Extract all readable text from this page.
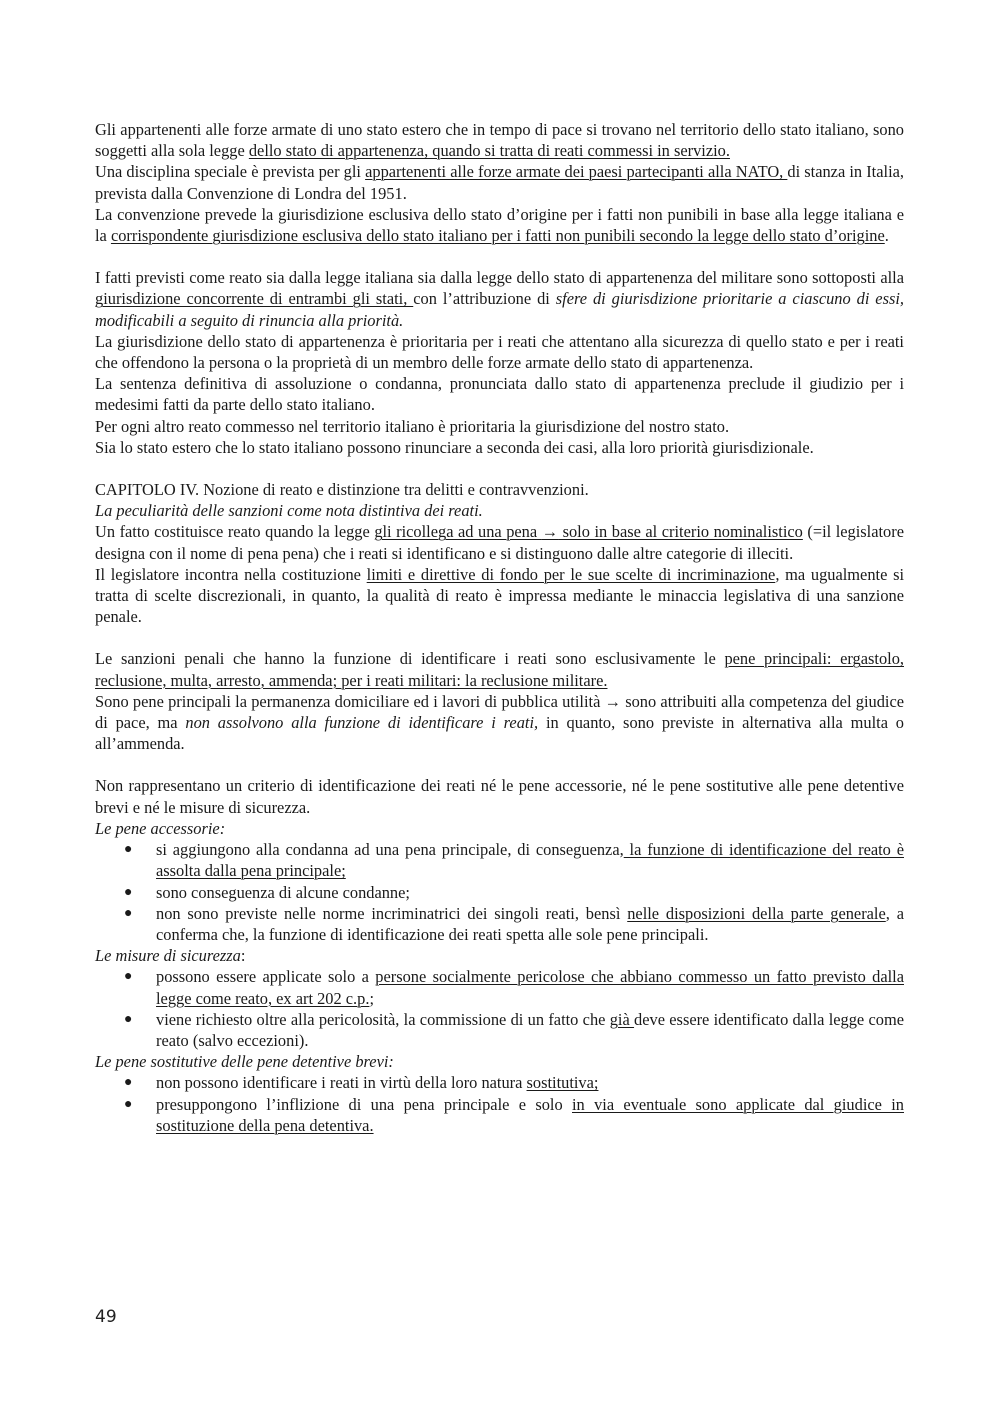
Gli appartenenti alle forze armate di uno stato estero che in tempo di pace si trovano nel territorio dello stato italiano, sono soggetti alla sola legge dello stato di appartenenza, quando si tratta di reati commessi in servizio.

Una disciplina speciale è prevista per gli appartenenti alle forze armate dei paesi partecipanti alla NATO, di stanza in Italia, prevista dalla Convenzione di Londra del 1951.

La convenzione prevede la giurisdizione esclusiva dello stato d’origine per i fatti non punibili in base alla legge italiana e la corrispondente giurisdizione esclusiva dello stato italiano per i fatti non punibili secondo la legge dello stato d’origine.

I fatti previsti come reato sia dalla legge italiana sia dalla legge dello stato di appartenenza del militare sono sottoposti alla giurisdizione concorrente di entrambi gli stati, con l’attribuzione di sfere di giurisdizione prioritarie a ciascuno di essi, modificabili a seguito di rinuncia alla priorità.

La giurisdizione dello stato di appartenenza è prioritaria per i reati che attentano alla sicurezza di quello stato e per i reati che offendono la persona o la proprietà di un membro delle forze armate dello stato di appartenenza.

La sentenza definitiva di assoluzione o condanna, pronunciata dallo stato di appartenenza preclude il giudizio per i medesimi fatti da parte dello stato italiano.

Per ogni altro reato commesso nel territorio italiano è prioritaria la giurisdizione del nostro stato.

Sia lo stato estero che lo stato italiano possono rinunciare a seconda dei casi, alla loro priorità giurisdizionale.

CAPITOLO IV. Nozione di reato e distinzione tra delitti e contravvenzioni.

La peculiarità delle sanzioni come nota distintiva dei reati.

Un fatto costituisce reato quando la legge gli ricollega ad una pena → solo in base al criterio nominalistico (=il legislatore designa con il nome di pena pena) che i reati si identificano e si distinguono dalle altre categorie di illeciti.

Il legislatore incontra nella costituzione limiti e direttive di fondo per le sue scelte di incriminazione, ma ugualmente si tratta di scelte discrezionali, in quanto, la qualità di reato è impressa mediante le minaccia legislativa di una sanzione penale.

Le sanzioni penali che hanno la funzione di identificare i reati sono esclusivamente le pene principali: ergastolo, reclusione, multa, arresto, ammenda; per i reati militari: la reclusione militare.

Sono pene principali la permanenza domiciliare ed i lavori di pubblica utilità → sono attribuiti alla competenza del giudice di pace, ma non assolvono alla funzione di identificare i reati, in quanto, sono previste in alternativa alla multa o all’ammenda.

Non rappresentano un criterio di identificazione dei reati né le pene accessorie, né le pene sostitutive alle pene detentive brevi e né le misure di sicurezza.

Le pene accessorie:

● si aggiungono alla condanna ad una pena principale, di conseguenza, la funzione di identificazione del reato è assolta dalla pena principale;
● sono conseguenza di alcune condanne;
● non sono previste nelle norme incriminatrici dei singoli reati, bensì nelle disposizioni della parte generale, a conferma che, la funzione di identificazione dei reati spetta alle sole pene principali.

Le misure di sicurezza:

● possono essere applicate solo a persone socialmente pericolose che abbiano commesso un fatto previsto dalla legge come reato, ex art 202 c.p.;
● viene richiesto oltre alla pericolosità, la commissione di un fatto che già deve essere identificato dalla legge come reato (salvo eccezioni).

Le pene sostitutive delle pene detentive brevi:

● non possono identificare i reati in virtù della loro natura sostitutiva;
● presuppongono l’inflizione di una pena principale e solo in via eventuale sono applicate dal giudice in sostituzione della pena detentiva.
49
